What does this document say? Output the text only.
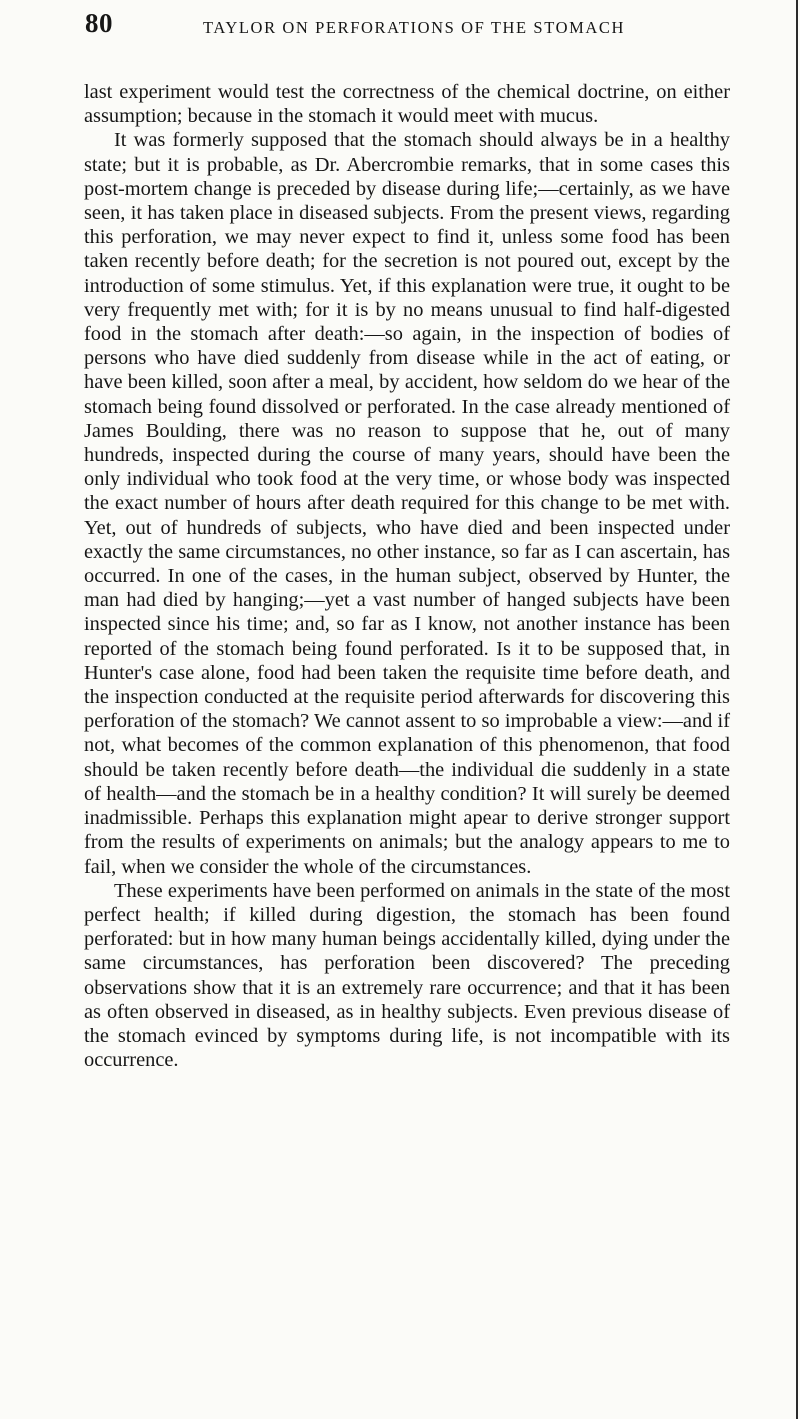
80	TAYLOR ON PERFORATIONS OF THE STOMACH

last experiment would test the correctness of the chemical doctrine, on either assumption; because in the stomach it would meet with mucus.

It was formerly supposed that the stomach should always be in a healthy state; but it is probable, as Dr. Abercrombie remarks, that in some cases this post-mortem change is preceded by disease during life;—certainly, as we have seen, it has taken place in diseased subjects. From the present views, regarding this perforation, we may never expect to find it, unless some food has been taken recently before death; for the secretion is not poured out, except by the introduction of some stimulus. Yet, if this explanation were true, it ought to be very frequently met with; for it is by no means unusual to find half-digested food in the stomach after death:—so again, in the inspection of bodies of persons who have died suddenly from disease while in the act of eating, or have been killed, soon after a meal, by accident, how seldom do we hear of the stomach being found dissolved or perforated. In the case already mentioned of James Boulding, there was no reason to suppose that he, out of many hundreds, inspected during the course of many years, should have been the only individual who took food at the very time, or whose body was inspected the exact number of hours after death required for this change to be met with. Yet, out of hundreds of subjects, who have died and been inspected under exactly the same circumstances, no other instance, so far as I can ascertain, has occurred. In one of the cases, in the human subject, observed by Hunter, the man had died by hanging;—yet a vast number of hanged subjects have been inspected since his time; and, so far as I know, not another instance has been reported of the stomach being found perforated. Is it to be supposed that, in Hunter's case alone, food had been taken the requisite time before death, and the inspection conducted at the requisite period afterwards for discovering this perforation of the stomach? We cannot assent to so improbable a view:—and if not, what becomes of the common explanation of this phenomenon, that food should be taken recently before death—the individual die suddenly in a state of health—and the stomach be in a healthy condition? It will surely be deemed inadmissible. Perhaps this explanation might apear to derive stronger support from the results of experiments on animals; but the analogy appears to me to fail, when we consider the whole of the circumstances.

These experiments have been performed on animals in the state of the most perfect health; if killed during digestion, the stomach has been found perforated: but in how many human beings accidentally killed, dying under the same circumstances, has perforation been discovered? The preceding observations show that it is an extremely rare occurrence; and that it has been as often observed in diseased, as in healthy subjects. Even previous disease of the stomach evinced by symptoms during life, is not incompatible with its occurrence.
